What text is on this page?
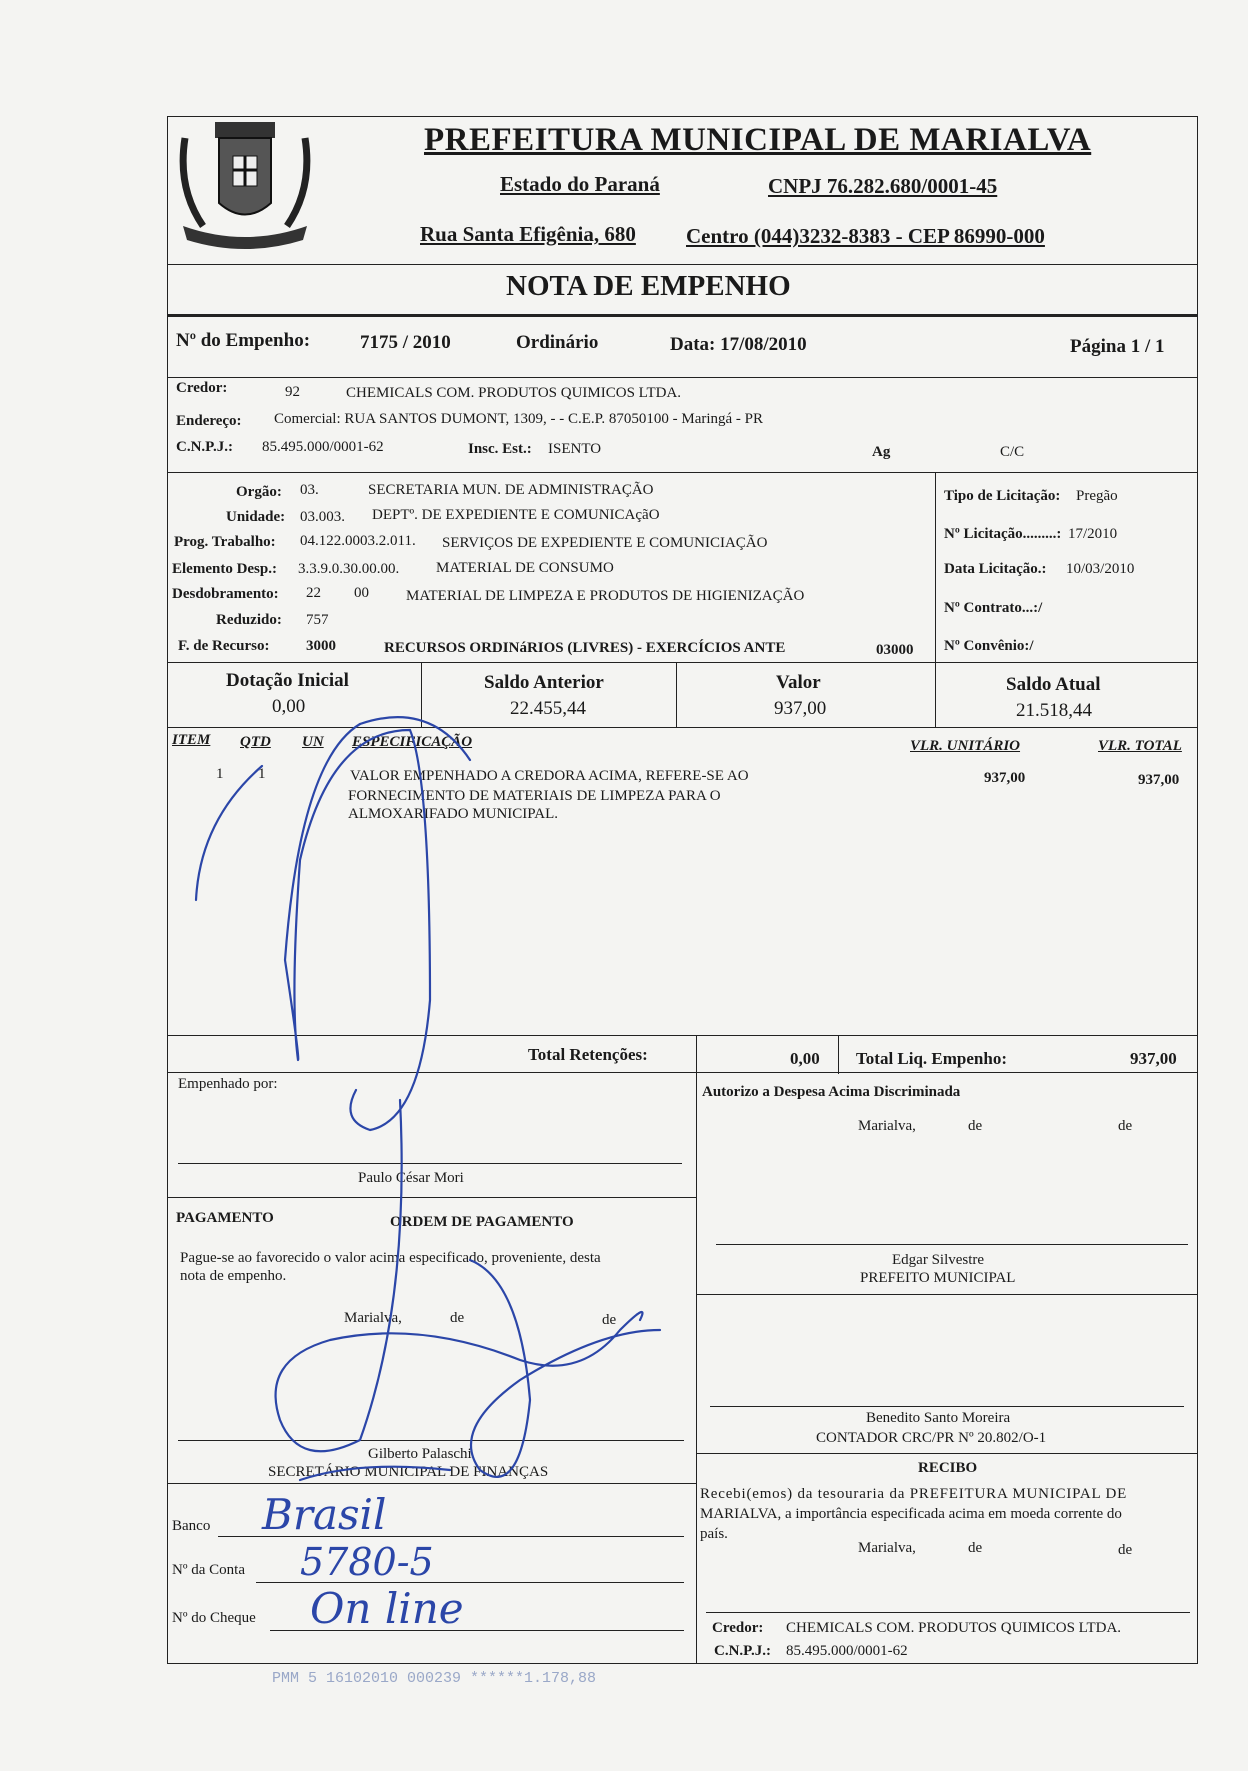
PREFEITURA MUNICIPAL DE MARIALVA
Estado do Paraná	CNPJ 76.282.680/0001-45
Rua Santa Efigênia, 680 Centro (044)3232-8383 - CEP 86990-000
NOTA DE EMPENHO
Nº do Empenho:	7175 / 2010	Ordinário	Data: 17/08/2010	Página 1 / 1
Credor:	92	CHEMICALS COM. PRODUTOS QUIMICOS LTDA.
Endereço: Comercial: RUA SANTOS DUMONT, 1309, - - C.E.P. 87050100 - Maringá - PR
C.N.P.J.: 85.495.000/0001-62	Insc. Est.: ISENTO	Ag	C/C
Orgão: 03.	SECRETARIA MUN. DE ADMINISTRAÇÃO
Unidade: 03.003. DEPTº. DE EXPEDIENTE E COMUNICAçãO
Prog. Trabalho: 04.122.0003.2.011. SERVIÇOS DE EXPEDIENTE E COMUNICIAÇÃO
Elemento Desp.: 3.3.9.0.30.00.00. MATERIAL DE CONSUMO
Desdobramento: 22 00 MATERIAL DE LIMPEZA E PRODUTOS DE HIGIENIZAÇÃO
Reduzido: 757
F. de Recurso: 3000	RECURSOS ORDINáRIOS (LIVRES) - EXERCÍCIOS ANTE	03000
Tipo de Licitação: Pregão
Nº Licitação.........: 17/2010
Data Licitação.: 10/03/2010
Nº Contrato...:/
Nº Convênio:/
Dotação Inicial
0,00
Saldo Anterior
22.455,44
Valor
937,00
Saldo Atual
21.518,44
ITEM QTD UN ESPECIFICAÇÃO	VLR. UNITÁRIO	VLR. TOTAL
1 1	VALOR EMPENHADO A CREDORA ACIMA, REFERE-SE AO
FORNECIMENTO DE MATERIAIS DE LIMPEZA PARA O
ALMOXARIFADO MUNICIPAL.
937,00	937,00
Total Retenções:	0,00 Total Liq. Empenho:	937,00
Empenhado por:
Paulo César Mori
Autorizo a Despesa Acima Discriminada
Marialva,	de	de
Edgar Silvestre
PREFEITO MUNICIPAL
PAGAMENTO	ORDEM DE PAGAMENTO
Pague-se ao favorecido o valor acima especificado, proveniente, desta
nota de empenho.
Marialva,	de	de
Gilberto Palaschi
SECRETÁRIO MUNICIPAL DE FINANÇAS
Benedito Santo Moreira
CONTADOR CRC/PR Nº 20.802/O-1
Banco Brasil
Nº da Conta 5780-5
Nº do Cheque On line
RECIBO
Recebi(emos) da tesouraria da PREFEITURA MUNICIPAL DE
MARIALVA, a importância especificada acima em moeda corrente do
país.
Marialva,	de	de
Credor: CHEMICALS COM. PRODUTOS QUIMICOS LTDA.
C.N.P.J.: 85.495.000/0001-62
PMM 5 16102010 000239 ******1.178,88
